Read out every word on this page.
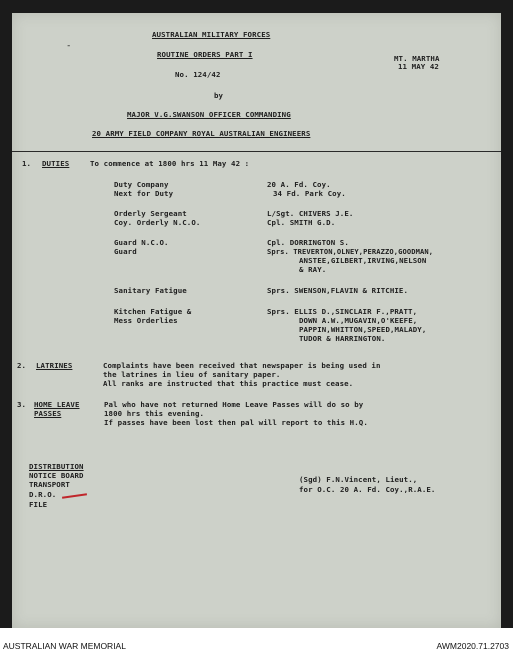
AUSTRALIAN MILITARY FORCES
-
ROUTINE ORDERS PART I	MT. MARTHA
11 MAY 42
No. 124/42
by
MAJOR V.G.SWANSON OFFICER COMMANDING
20 ARMY FIELD COMPANY ROYAL AUSTRALIAN ENGINEERS
1. DUTIES	To commence at 1800 hrs 11 May 42 :
Duty Company	20 A. Fd. Coy.
Next for Duty	34 Fd. Park Coy.
Orderly Sergeant	L/Sgt. CHIVERS J.E.
Coy. Orderly N.C.O.	Cpl. SMITH G.D.
Guard N.C.O.	Cpl. DORRINGTON S.
Guard	Sprs. TREVERTON,OLNEY,PERAZZO,GOODMAN,
ANSTEE,GILBERT,IRVING,NELSON
& RAY.
Sanitary Fatigue	Sprs. SWENSON,FLAVIN & RITCHIE.
Kitchen Fatigue &	Sprs. ELLIS D.,SINCLAIR F.,PRATT,
Mess Orderlies	DOWN A.W.,MUGAVIN,O'KEEFE,
PAPPIN,WHITTON,SPEED,MALADY,
TUDOR & HARRINGTON.
2. LATRINES	Complaints have been received that newspaper is being used in
the latrines in lieu of sanitary paper.
All ranks are instructed that this practice must cease.
3. HOME LEAVE
PASSES
Pal who have not returned Home Leave Passes will do so by
1800 hrs this evening.
If passes have been lost then pal will report to this H.Q.
DISTRIBUTION
NOTICE BOARD
TRANSPORT
D.R.O.
FILE
(Sgd) F.N.Vincent, Lieut.,
for O.C. 20 A. Fd. Coy.,R.A.E.
AUSTRALIAN WAR MEMORIAL	AWM2020.71.2703
